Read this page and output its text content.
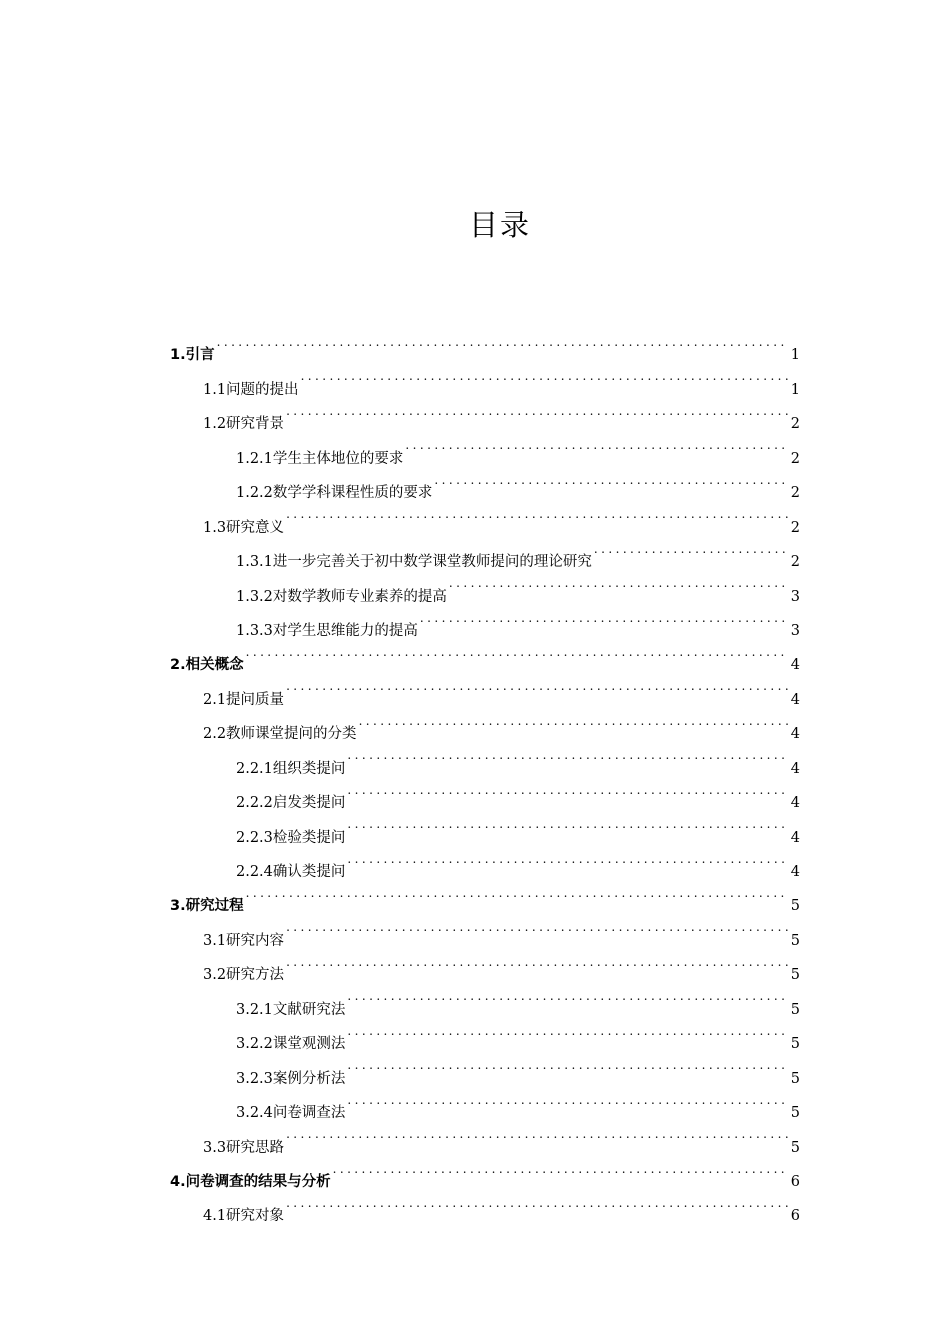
目录
1.引言 . . .	1
1.1问题的提出 . . .	1
1.2研究背景 . . .	2
1.2.1学生主体地位的要求 . . .	2
1.2.2数学学科课程性质的要求 . . .	2
1.3研究意义 . . .	2
1.3.1进一步完善关于初中数学课堂教师提问的理论研究 . . .	2
1.3.2对数学教师专业素养的提高 . . .	3
1.3.3对学生思维能力的提高 . . .	3
2.相关概念 . . .	4
2.1提问质量 . . .	4
2.2教师课堂提问的分类 . . .	4
2.2.1组织类提问 . . .	4
2.2.2启发类提问 . . .	4
2.2.3检验类提问 . . .	4
2.2.4确认类提问 . . .	4
3.研究过程 . . .	5
3.1研究内容 . . .	5
3.2研究方法 . . .	5
3.2.1文献研究法 . . .	5
3.2.2课堂观测法 . . .	5
3.2.3案例分析法 . . .	5
3.2.4问卷调查法 . . .	5
3.3研究思路 . . .	5
4.问卷调查的结果与分析 . . .	6
4.1研究对象 . . .	6
